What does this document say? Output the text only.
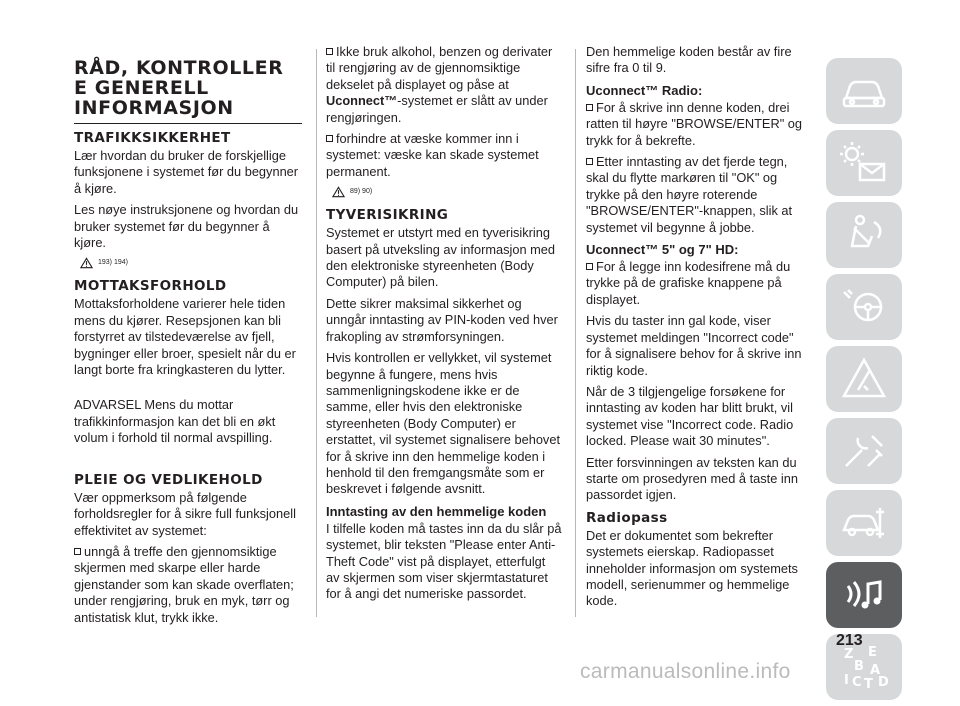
RÅD, KONTROLLER E GENERELL INFORMASJON
TRAFIKKSIKKERHET

Lær hvordan du bruker de forskjellige funksjonene i systemet før du begynner å kjøre.

Les nøye instruksjonene og hvordan du bruker systemet før du begynner å kjøre.

193) 194)
MOTTAKSFORHOLD

Mottaksforholdene varierer hele tiden mens du kjører. Resepsjonen kan bli forstyrret av tilstedeværelse av fjell, bygninger eller broer, spesielt når du er langt borte fra kringkasteren du lytter.

ADVARSEL Mens du mottar trafikkinformasjon kan det bli en økt volum i forhold til normal avspilling.

PLEIE OG VEDLIKEHOLD

Vær oppmerksom på følgende forholdsregler for å sikre full funksjonell effektivitet av systemet:

unngå å treffe den gjennomsiktige skjermen med skarpe eller harde gjenstander som kan skade overflaten; under rengjøring, bruk en myk, tørr og antistatisk klut, trykk ikke.

Ikke bruk alkohol, benzen og derivater til rengjøring av de gjennomsiktige dekselet på displayet og påse at Uconnect™-systemet er slått av under rengjøringen.

forhindre at væske kommer inn i systemet: væske kan skade systemet permanent.

89) 90)
TYVERISIKRING

Systemet er utstyrt med en tyverisikring basert på utveksling av informasjon med den elektroniske styreenheten (Body Computer) på bilen.

Dette sikrer maksimal sikkerhet og unngår inntasting av PIN-koden ved hver frakopling av strømforsyningen.

Hvis kontrollen er vellykket, vil systemet begynne å fungere, mens hvis sammenligningskodene ikke er de samme, eller hvis den elektroniske styreenheten (Body Computer) er erstattet, vil systemet signalisere behovet for å skrive inn den hemmelige koden i henhold til den fremgangsmåte som er beskrevet i følgende avsnitt.

Inntasting av den hemmelige koden

I tilfelle koden må tastes inn da du slår på systemet, blir teksten "Please enter Anti-Theft Code" vist på displayet, etterfulgt av skjermen som viser skjermtastaturet for å angi det numeriske passordet.

Den hemmelige koden består av fire sifre fra 0 til 9.

Uconnect™ Radio:

For å skrive inn denne koden, drei ratten til høyre "BROWSE/ENTER" og trykk for å bekrefte.

Etter inntasting av det fjerde tegn, skal du flytte markøren til "OK" og trykke på den høyre roterende "BROWSE/ENTER"-knappen, slik at systemet vil begynne å jobbe.

Uconnect™ 5" og 7" HD:

For å legge inn kodesifrene må du trykke på de grafiske knappene på displayet.

Hvis du taster inn gal kode, viser systemet meldingen "Incorrect code" for å signalisere behov for å skrive inn riktig kode.

Når de 3 tilgjengelige forsøkene for inntasting av koden har blitt brukt, vil systemet vise "Incorrect code. Radio locked. Please wait 30 minutes".

Etter forsvinningen av teksten kan du starte om prosedyren med å taste inn passordet igjen.

Radiopass

Det er dokumentet som bekrefter systemets eierskap. Radiopasset inneholder informasjon om systemets modell, serienummer og hemmelige kode.

Z E
B A
I C T D
213
carmanualsonline.info
